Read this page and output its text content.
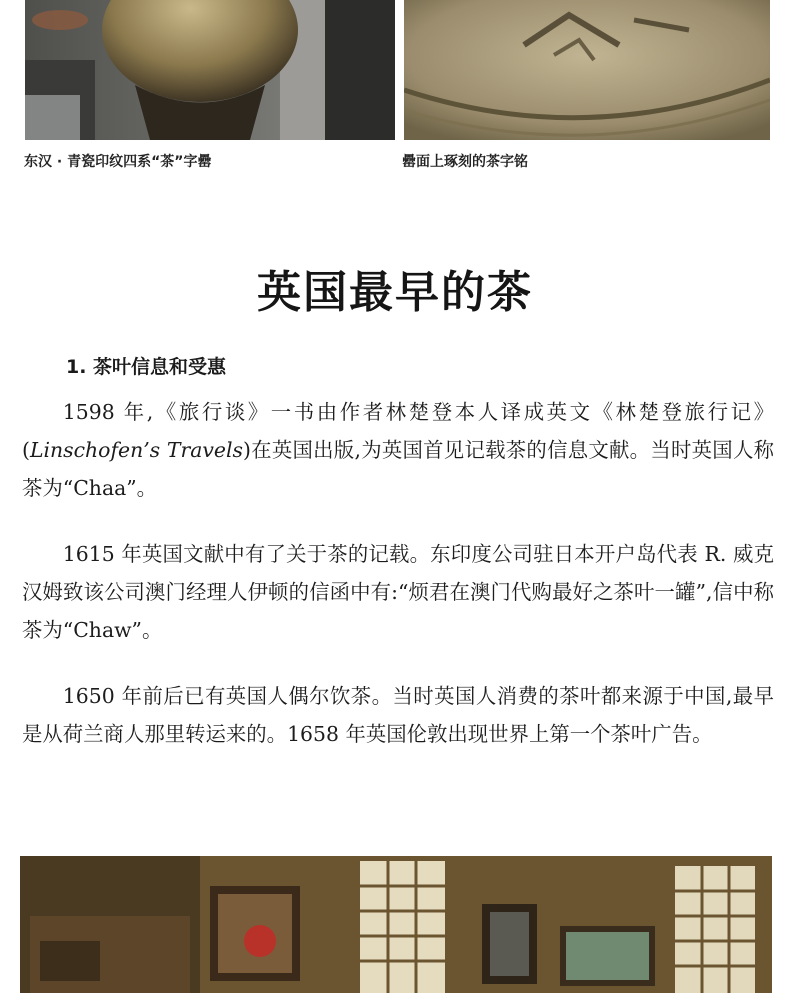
东汉 · 青瓷印纹四系“茶”字罍	罍面上琢刻的茶字铭
英国最早的茶
1. 茶叶信息和受惠

1598 年,《旅行谈》一书由作者林楚登本人译成英文《林楚登旅行记》(Linschofen’s Travels)在英国出版,为英国首见记载茶的信息文献。当时英国人称茶为“Chaa”。

1615 年英国文献中有了关于茶的记载。东印度公司驻日本开户岛代表 R. 威克汉姆致该公司澳门经理人伊顿的信函中有:“烦君在澳门代购最好之茶叶一罐”,信中称茶为“Chaw”。

1650 年前后已有英国人偶尔饮茶。当时英国人消费的茶叶都来源于中国,最早是从荷兰商人那里转运来的。1658 年英国伦敦出现世界上第一个茶叶广告。
